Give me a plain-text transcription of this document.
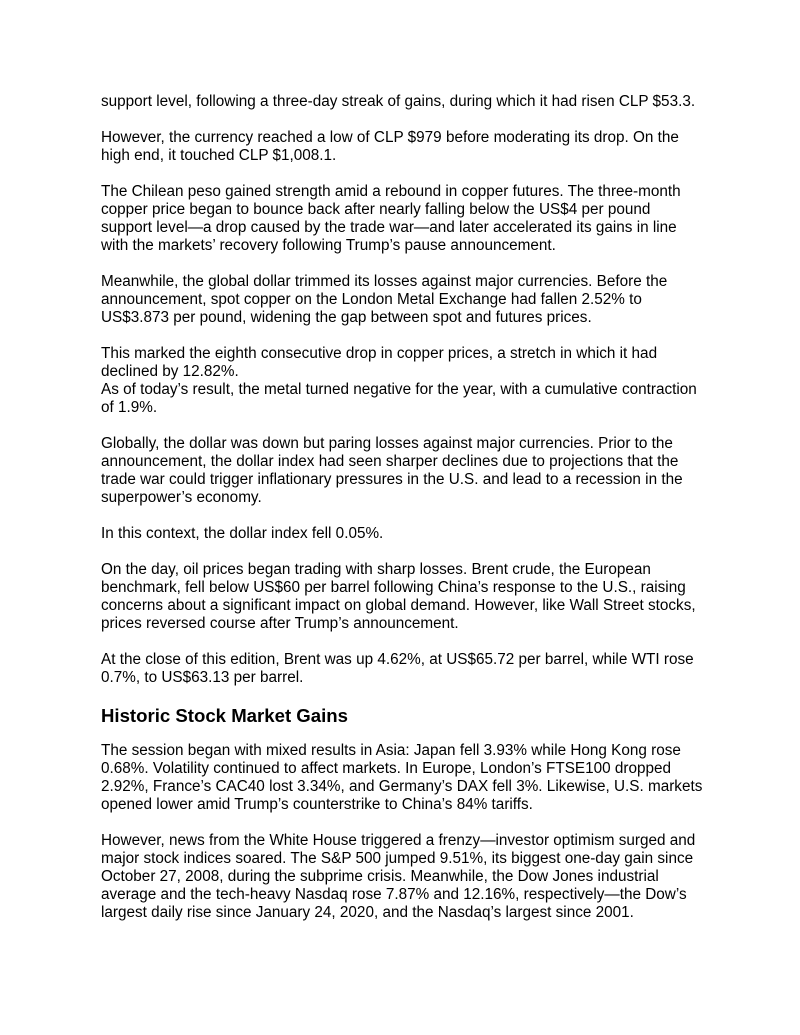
support level, following a three-day streak of gains, during which it had risen CLP $53.3.

However, the currency reached a low of CLP $979 before moderating its drop. On the high end, it touched CLP $1,008.1.

The Chilean peso gained strength amid a rebound in copper futures. The three-month copper price began to bounce back after nearly falling below the US$4 per pound support level—a drop caused by the trade war—and later accelerated its gains in line with the markets’ recovery following Trump’s pause announcement.

Meanwhile, the global dollar trimmed its losses against major currencies. Before the announcement, spot copper on the London Metal Exchange had fallen 2.52% to US$3.873 per pound, widening the gap between spot and futures prices.

This marked the eighth consecutive drop in copper prices, a stretch in which it had declined by 12.82%.

As of today’s result, the metal turned negative for the year, with a cumulative contraction of 1.9%.

Globally, the dollar was down but paring losses against major currencies. Prior to the announcement, the dollar index had seen sharper declines due to projections that the trade war could trigger inflationary pressures in the U.S. and lead to a recession in the superpower’s economy.

In this context, the dollar index fell 0.05%.

On the day, oil prices began trading with sharp losses. Brent crude, the European benchmark, fell below US$60 per barrel following China’s response to the U.S., raising concerns about a significant impact on global demand. However, like Wall Street stocks, prices reversed course after Trump’s announcement.

At the close of this edition, Brent was up 4.62%, at US$65.72 per barrel, while WTI rose 0.7%, to US$63.13 per barrel.

Historic Stock Market Gains

The session began with mixed results in Asia: Japan fell 3.93% while Hong Kong rose 0.68%. Volatility continued to affect markets. In Europe, London’s FTSE100 dropped 2.92%, France’s CAC40 lost 3.34%, and Germany’s DAX fell 3%. Likewise, U.S. markets opened lower amid Trump’s counterstrike to China’s 84% tariffs.

However, news from the White House triggered a frenzy—investor optimism surged and major stock indices soared. The S&P 500 jumped 9.51%, its biggest one-day gain since October 27, 2008, during the subprime crisis. Meanwhile, the Dow Jones industrial average and the tech-heavy Nasdaq rose 7.87% and 12.16%, respectively—the Dow’s largest daily rise since January 24, 2020, and the Nasdaq’s largest since 2001.
